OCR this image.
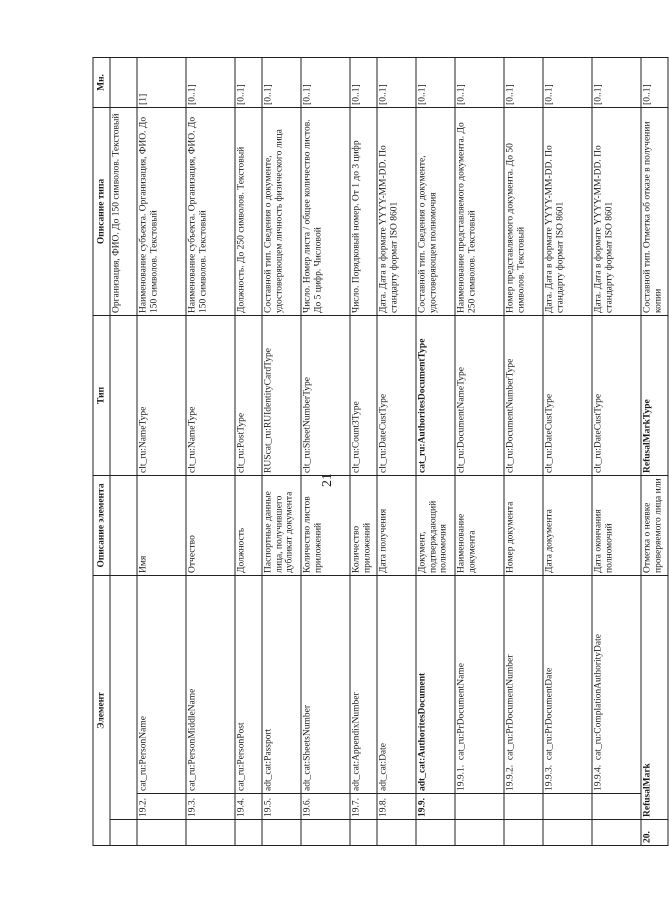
21
Элемент			Описание элемента	Тип	Описание типа	Мн.
					Организация, ФИО. До 150 символов. Текстовый	
	19.2.	cat_ru:PersonName	Имя	clt_ru:NameType	Наименование субъекта. Организация, ФИО. До 150 символов. Текстовый	[1]
	19.3.	cat_ru:PersonMiddleName	Отчество	clt_ru:NameType	Наименование субъекта. Организация, ФИО. До 150 символов. Текстовый	[0..1]
	19.4.	cat_ru:PersonPost	Должность	clt_ru:PostType	Должность. До 250 символов. Текстовый	[0..1]
	19.5.	adt_cat:Passport	Паспортные данные лица, получившего дубликат документа	RUScat_ru:RUIdentityCardType	Составной тип. Сведения о документе, удостоверяющем личность физического лица	[0..1]
	19.6.	adt_cat:SheetsNumber	Количество листов приложений	clt_ru:SheetNumberType	Число. Номер листа / общее количество листов. До 5 цифр. Числовой	[0..1]
	19.7.	adt_cat:AppendixNumber	Количество приложений	clt_ru:Count3Type	Число. Порядковый номер. От 1 до 3 цифр	[0..1]
	19.8.	adt_cat:Date	Дата получения	clt_ru:DateCustType	Дата. Дата в формате YYYY-MM-DD. По стандарту формат ISO 8601	[0..1]
	19.9.	adt_cat:AuthoritesDocument	Документ, подтверждающий полномочия	cat_ru:AuthoritesDocumentType	Составной тип. Сведения о документе, удостоверяющем полномочия	[0..1]
		19.9.1.  cat_ru:PrDocumentName	Наименование документа	clt_ru:DocumentNameType	Наименование представляемого документа. До 250 символов. Текстовый	[0..1]
		19.9.2.  cat_ru:PrDocumentNumber	Номер документа	clt_ru:DocumentNumberType	Номер представляемого документа. До 50 символов. Текстовый	[0..1]
		19.9.3.  cat_ru:PrDocumentDate	Дата документа	clt_ru:DateCustType	Дата. Дата в формате YYYY-MM-DD. По стандарту формат ISO 8601	[0..1]
		19.9.4.  cat_ru:ComplationAuthorityDate	Дата окончания полномочий	clt_ru:DateCustType	Дата. Дата в формате YYYY-MM-DD. По стандарту формат ISO 8601	[0..1]
20.	RefusalMark		Отметка о неявке проверяемого лица или	RefusalMarkType	Составной тип. Отметка об отказе в получении копии	[0..1]
